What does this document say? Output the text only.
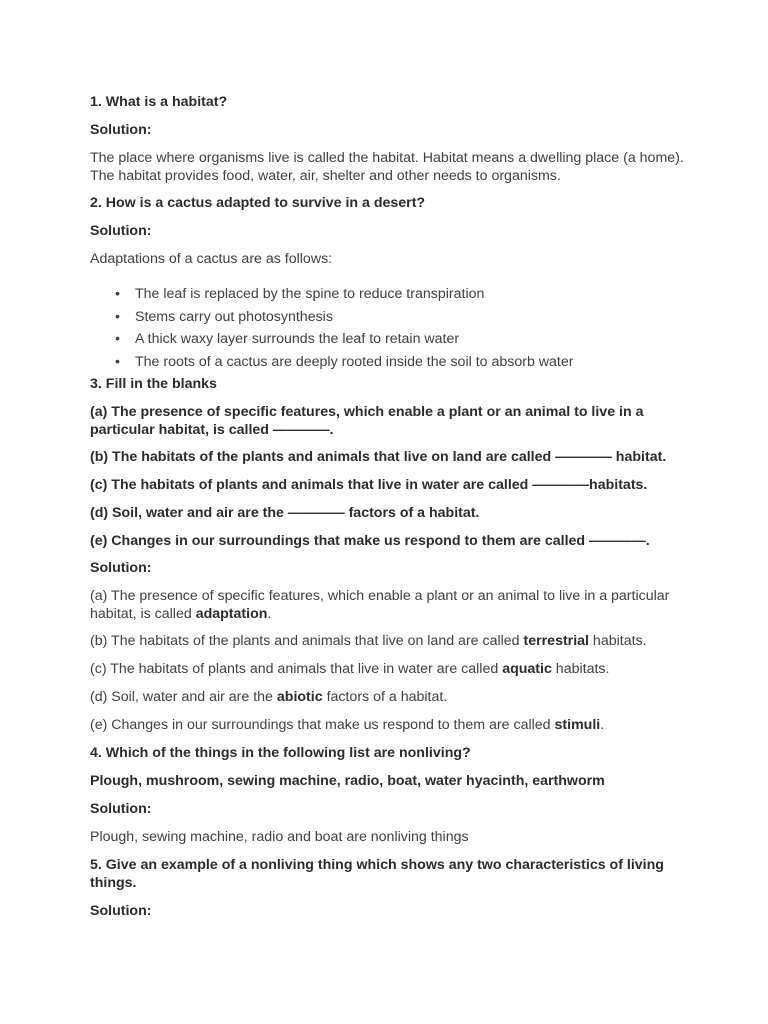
1. What is a habitat?

Solution:

The place where organisms live is called the habitat. Habitat means a dwelling place (a home). The habitat provides food, water, air, shelter and other needs to organisms.

2. How is a cactus adapted to survive in a desert?

Solution:

Adaptations of a cactus are as follows:

• The leaf is replaced by the spine to reduce transpiration
• Stems carry out photosynthesis
• A thick waxy layer surrounds the leaf to retain water
• The roots of a cactus are deeply rooted inside the soil to absorb water

3. Fill in the blanks

(a) The presence of specific features, which enable a plant or an animal to live in a particular habitat, is called ————.

(b) The habitats of the plants and animals that live on land are called ———— habitat.

(c) The habitats of plants and animals that live in water are called ————habitats.

(d) Soil, water and air are the ———— factors of a habitat.

(e) Changes in our surroundings that make us respond to them are called ————.

Solution:

(a) The presence of specific features, which enable a plant or an animal to live in a particular habitat, is called adaptation.

(b) The habitats of the plants and animals that live on land are called terrestrial habitats.

(c) The habitats of plants and animals that live in water are called aquatic habitats.

(d) Soil, water and air are the abiotic factors of a habitat.

(e) Changes in our surroundings that make us respond to them are called stimuli.

4. Which of the things in the following list are nonliving?

Plough, mushroom, sewing machine, radio, boat, water hyacinth, earthworm

Solution:

Plough, sewing machine, radio and boat are nonliving things

5. Give an example of a nonliving thing which shows any two characteristics of living things.

Solution:
